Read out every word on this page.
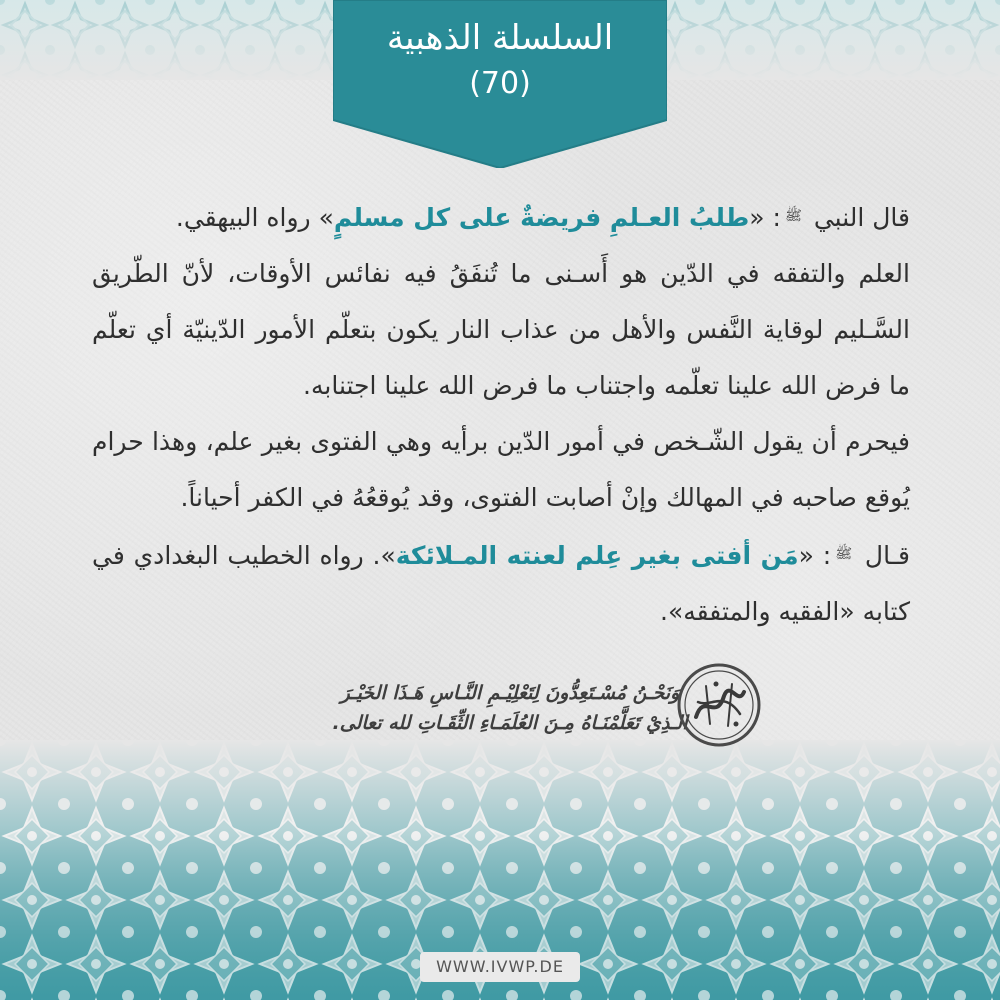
السلسلة الذهبية
(70)

قال النبي $^ﷺ$: «طلبُ العـلمِ فريضةٌ على كل مسلمٍ» رواه البيهقي.

العلم والتفقه في الدّين هو أَسـنى ما تُنفَقُ فيه نفائس الأوقات، لأنّ الطّريق السَّـليم لوقاية النَّفس والأهل من عذاب النار يكون بتعلّم الأمور الدّينيّة أي تعلّم ما فرض الله علينا تعلّمه واجتناب ما فرض الله علينا اجتنابه.

فيحرم أن يقول الشّـخص في أمور الدّين برأيه وهي الفتوى بغير علم، وهذا حرام يُوقع صاحبه في المهالك وإنْ أصابت الفتوى، وقد يُوقعُهُ في الكفر أحياناً.

قـال $^ﷺ$: «مَن أفتى بغير عِلم لعنته المـلائكة». رواه الخطيب البغدادي في كتابه «الفقيه والمتفقه».

وَنَحْـنُ مُسْـتَعِدُّونَ لِتَعْلِيْـمِ النَّـاسِ هَـذَا الخَيْـرَ
الـذِيْ تَعَلَّمْنَـاهُ مِـنَ العُلَمَـاءِ الثِّقَـاتِ لله تعالى.
WWW.IVWP.DE
